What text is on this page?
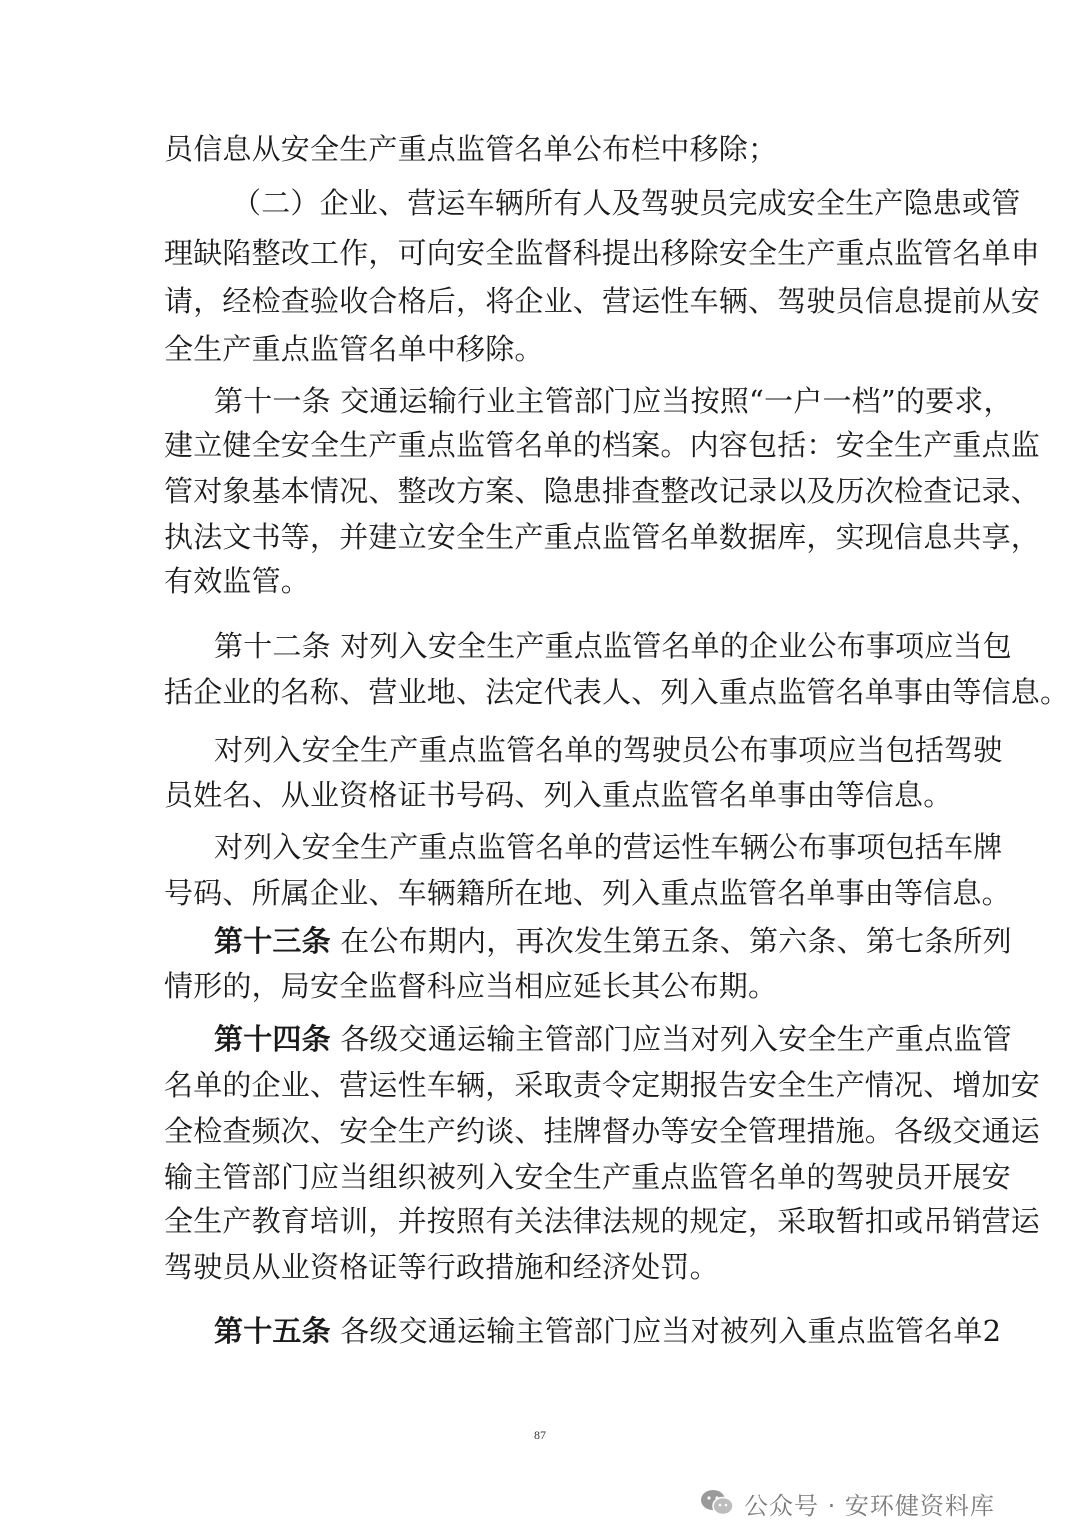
员信息从安全生产重点监管名单公布栏中移除；
（二）企业、营运车辆所有人及驾驶员完成安全生产隐患或管
理缺陷整改工作，可向安全监督科提出移除安全生产重点监管名单申
请，经检查验收合格后，将企业、营运性车辆、驾驶员信息提前从安
全生产重点监管名单中移除。
第十一条 交通运输行业主管部门应当按照“一户一档”的要求，
建立健全安全生产重点监管名单的档案。内容包括：安全生产重点监
管对象基本情况、整改方案、隐患排查整改记录以及历次检查记录、
执法文书等，并建立安全生产重点监管名单数据库，实现信息共享，
有效监管。
第十二条 对列入安全生产重点监管名单的企业公布事项应当包
括企业的名称、营业地、法定代表人、列入重点监管名单事由等信息。
对列入安全生产重点监管名单的驾驶员公布事项应当包括驾驶
员姓名、从业资格证书号码、列入重点监管名单事由等信息。
对列入安全生产重点监管名单的营运性车辆公布事项包括车牌
号码、所属企业、车辆籍所在地、列入重点监管名单事由等信息。
第十三条 在公布期内，再次发生第五条、第六条、第七条所列
情形的，局安全监督科应当相应延长其公布期。
第十四条 各级交通运输主管部门应当对列入安全生产重点监管
名单的企业、营运性车辆，采取责令定期报告安全生产情况、增加安
全检查频次、安全生产约谈、挂牌督办等安全管理措施。各级交通运
输主管部门应当组织被列入安全生产重点监管名单的驾驶员开展安
全生产教育培训，并按照有关法律法规的规定，采取暂扣或吊销营运
驾驶员从业资格证等行政措施和经济处罚。
第十五条 各级交通运输主管部门应当对被列入重点监管名单2
87
公众号 · 安环健资料库
